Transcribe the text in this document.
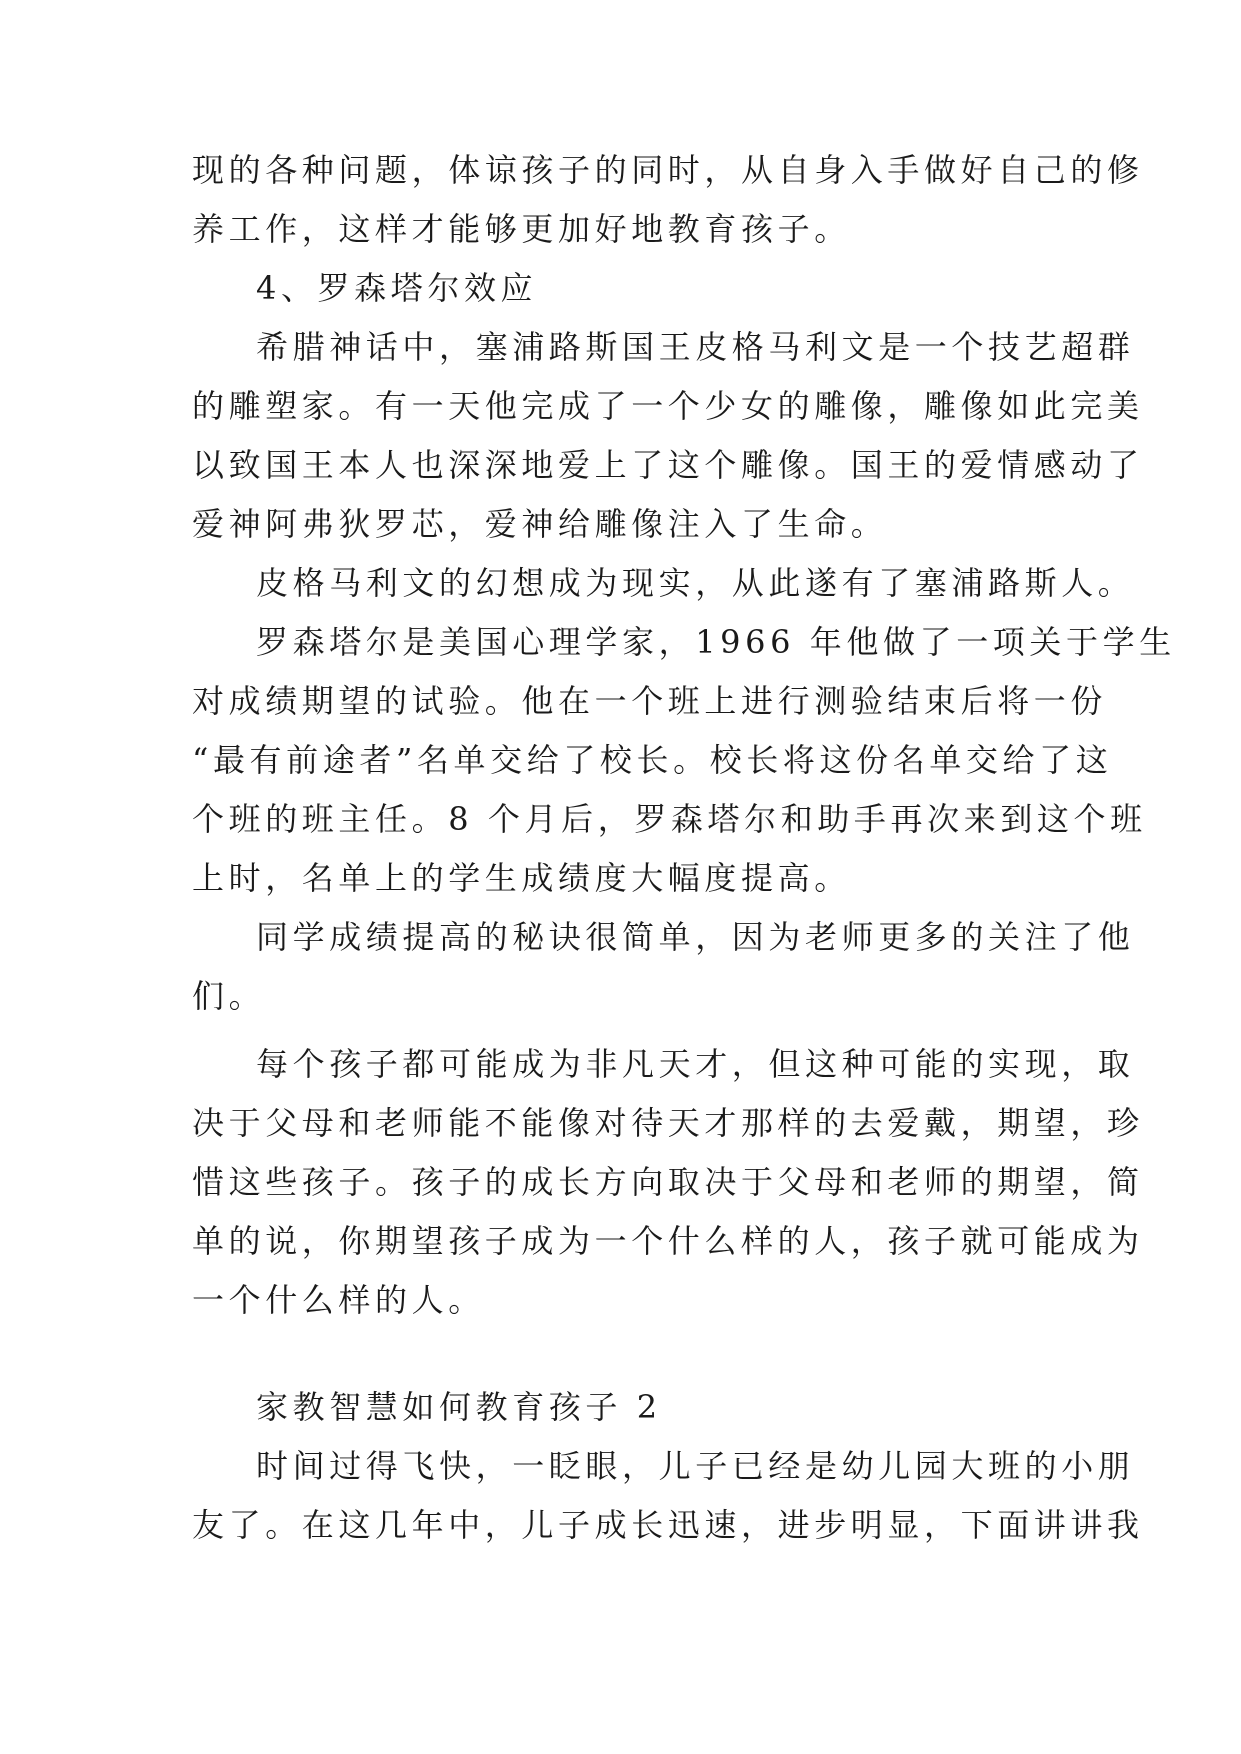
现的各种问题，体谅孩子的同时，从自身入手做好自己的修
养工作，这样才能够更加好地教育孩子。
4、罗森塔尔效应
希腊神话中，塞浦路斯国王皮格马利文是一个技艺超群
的雕塑家。有一天他完成了一个少女的雕像，雕像如此完美
以致国王本人也深深地爱上了这个雕像。国王的爱情感动了
爱神阿弗狄罗芯，爱神给雕像注入了生命。
皮格马利文的幻想成为现实，从此遂有了塞浦路斯人。
罗森塔尔是美国心理学家，1966 年他做了一项关于学生
对成绩期望的试验。他在一个班上进行测验结束后将一份
“最有前途者”名单交给了校长。校长将这份名单交给了这
个班的班主任。8 个月后，罗森塔尔和助手再次来到这个班
上时，名单上的学生成绩度大幅度提高。
同学成绩提高的秘诀很简单，因为老师更多的关注了他
们。
每个孩子都可能成为非凡天才，但这种可能的实现，取
决于父母和老师能不能像对待天才那样的去爱戴，期望，珍
惜这些孩子。孩子的成长方向取决于父母和老师的期望，简
单的说，你期望孩子成为一个什么样的人，孩子就可能成为
一个什么样的人。
家教智慧如何教育孩子 2
时间过得飞快，一眨眼，儿子已经是幼儿园大班的小朋
友了。在这几年中，儿子成长迅速，进步明显，下面讲讲我
